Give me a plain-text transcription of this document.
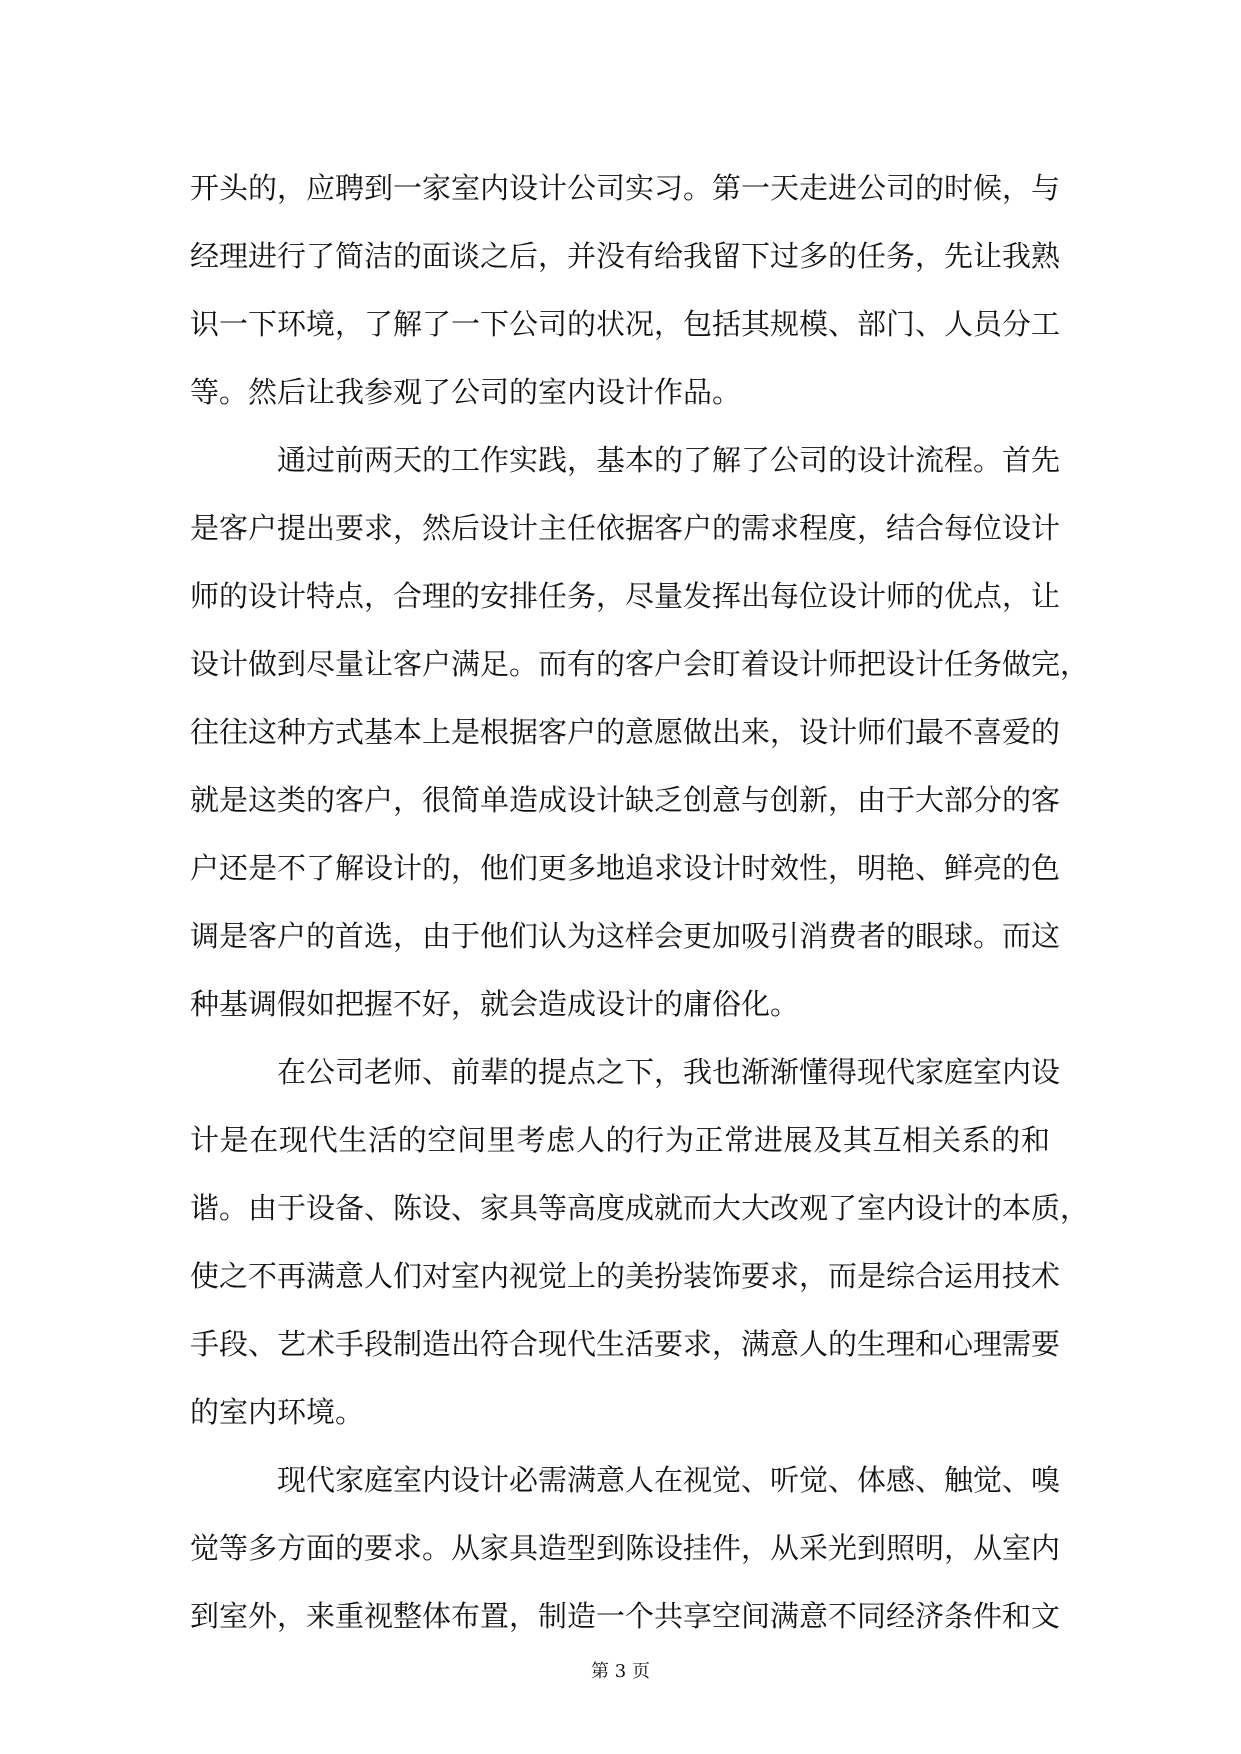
开头的，应聘到一家室内设计公司实习。第一天走进公司的时候，与
经理进行了简洁的面谈之后，并没有给我留下过多的任务，先让我熟
识一下环境，了解了一下公司的状况，包括其规模、部门、人员分工
等。然后让我参观了公司的室内设计作品。
通过前两天的工作实践，基本的了解了公司的设计流程。首先
是客户提出要求，然后设计主任依据客户的需求程度，结合每位设计
师的设计特点，合理的安排任务，尽量发挥出每位设计师的优点，让
设计做到尽量让客户满足。而有的客户会盯着设计师把设计任务做完，
往往这种方式基本上是根据客户的意愿做出来，设计师们最不喜爱的
就是这类的客户，很简单造成设计缺乏创意与创新，由于大部分的客
户还是不了解设计的，他们更多地追求设计时效性，明艳、鲜亮的色
调是客户的首选，由于他们认为这样会更加吸引消费者的眼球。而这
种基调假如把握不好，就会造成设计的庸俗化。
在公司老师、前辈的提点之下，我也渐渐懂得现代家庭室内设
计是在现代生活的空间里考虑人的行为正常进展及其互相关系的和
谐。由于设备、陈设、家具等高度成就而大大改观了室内设计的本质，
使之不再满意人们对室内视觉上的美扮装饰要求，而是综合运用技术
手段、艺术手段制造出符合现代生活要求，满意人的生理和心理需要
的室内环境。
现代家庭室内设计必需满意人在视觉、听觉、体感、触觉、嗅
觉等多方面的要求。从家具造型到陈设挂件，从采光到照明，从室内
到室外，来重视整体布置，制造一个共享空间满意不同经济条件和文
第 3 页
